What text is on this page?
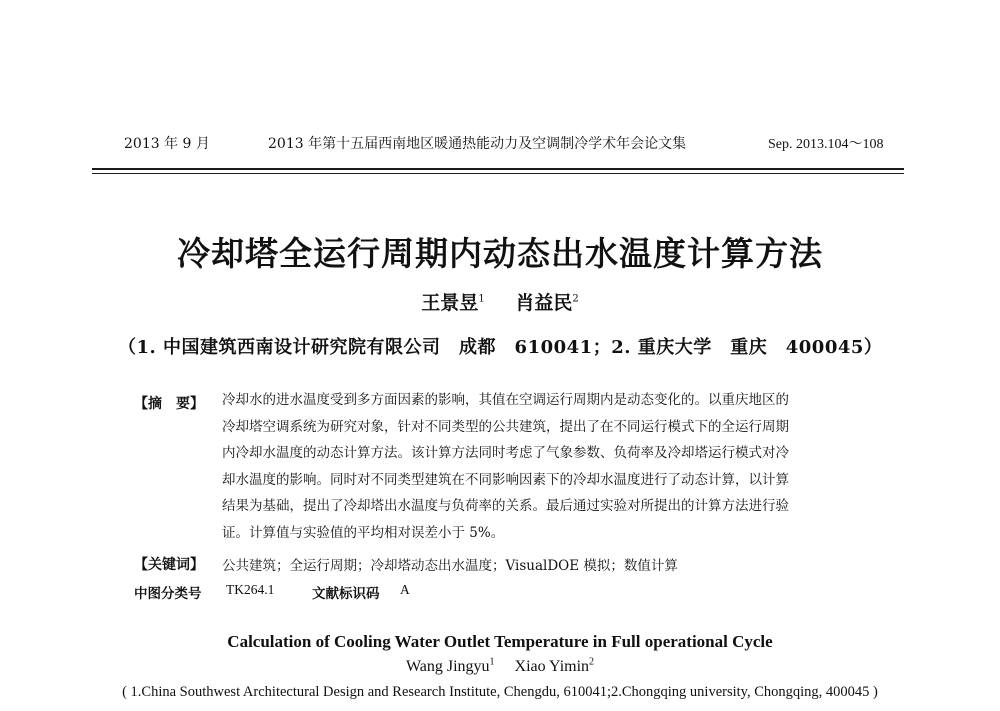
2013 年 9 月	2013 年第十五届西南地区暖通热能动力及空调制冷学术年会论文集	Sep. 2013.104～108
冷却塔全运行周期内动态出水温度计算方法
王景昱$^1$ 肖益民$^2$
（1. 中国建筑西南设计研究院有限公司　成都　610041；2. 重庆大学　重庆　400045）
【摘　要】 冷却水的进水温度受到多方面因素的影响，其值在空调运行周期内是动态变化的。以重庆地区的
冷却塔空调系统为研究对象，针对不同类型的公共建筑，提出了在不同运行模式下的全运行周期
内冷却水温度的动态计算方法。该计算方法同时考虑了气象参数、负荷率及冷却塔运行模式对冷
却水温度的影响。同时对不同类型建筑在不同影响因素下的冷却水温度进行了动态计算，以计算
结果为基础，提出了冷却塔出水温度与负荷率的关系。最后通过实验对所提出的计算方法进行验
证。计算值与实验值的平均相对误差小于 5%。
【关键词】 公共建筑；全运行周期；冷却塔动态出水温度；VisualDOE 模拟；数值计算
中图分类号 TK264.1	文献标识码 A
Calculation of Cooling Water Outlet Temperature in Full operational Cycle
Wang Jingyu$^1$ Xiao Yimin$^2$
( 1.China Southwest Architectural Design and Research Institute, Chengdu, 610041;2.Chongqing university, Chongqing, 400045 )
